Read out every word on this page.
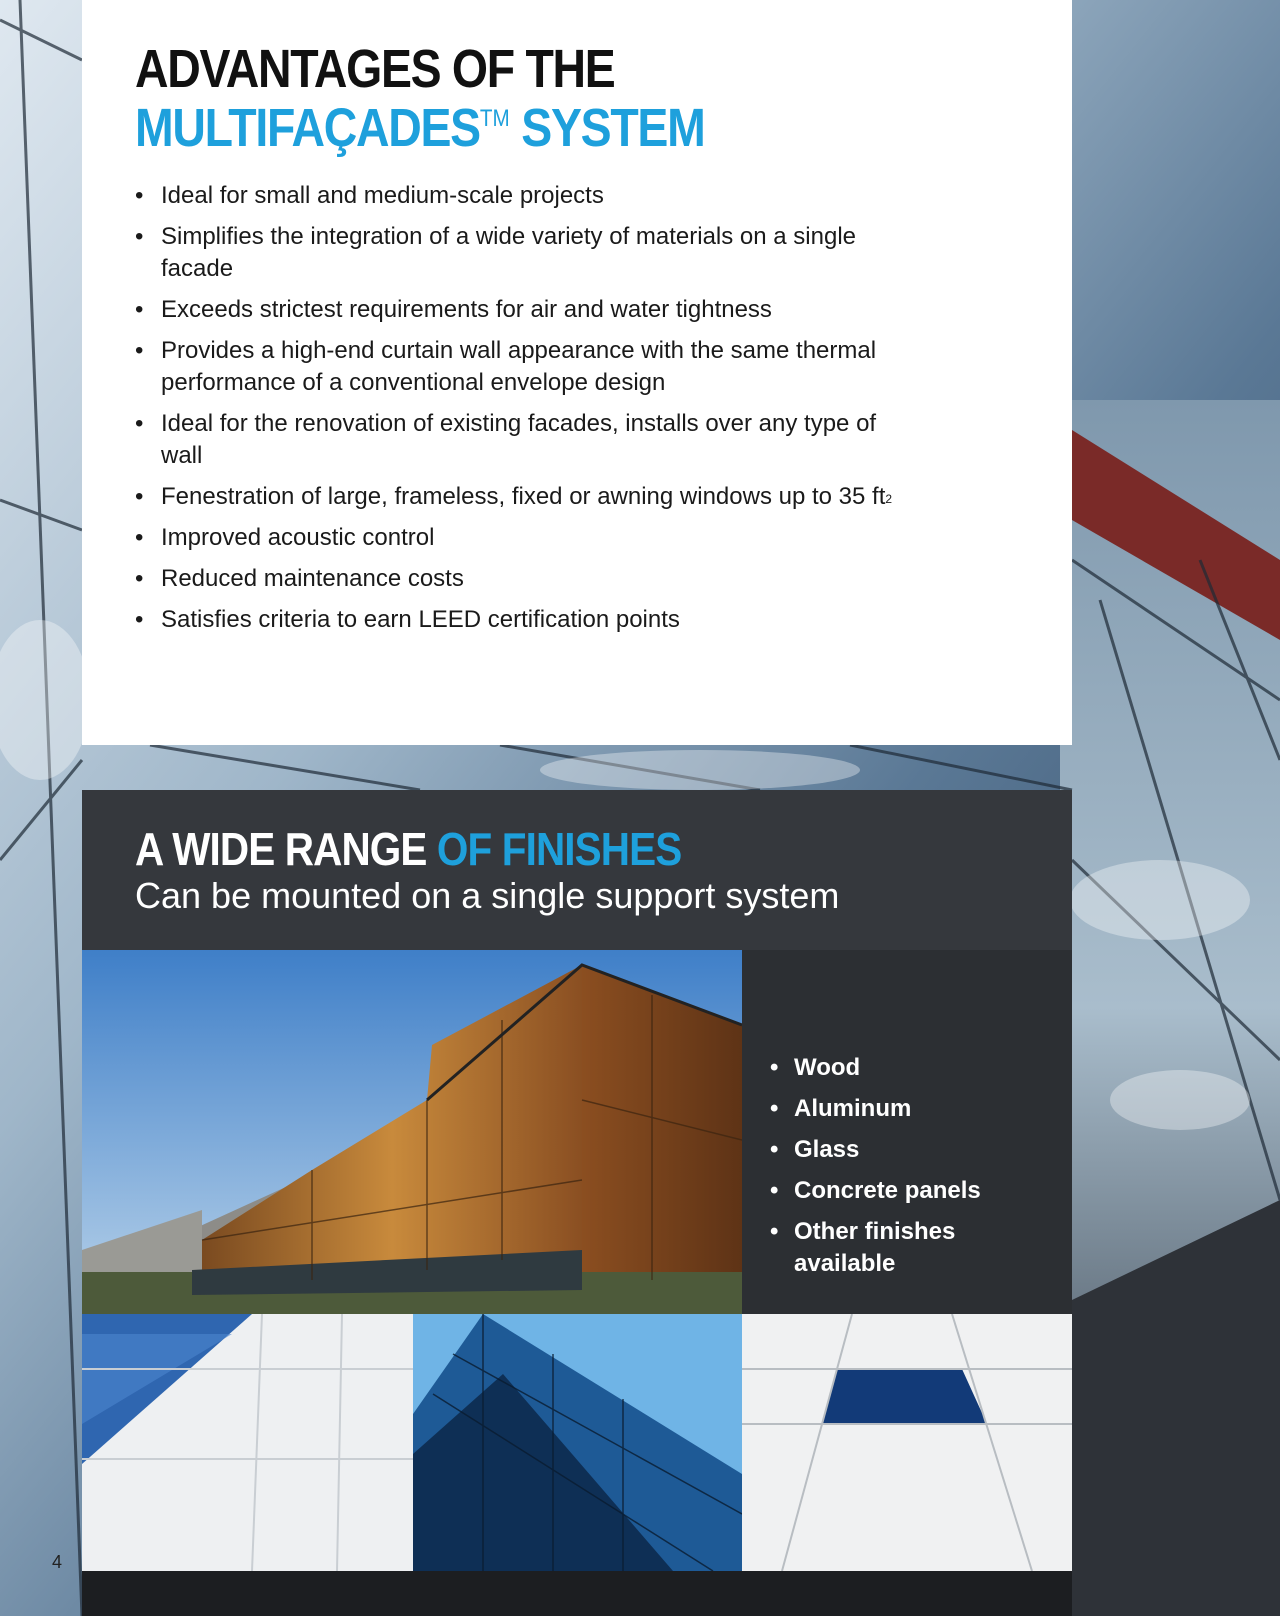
ADVANTAGES OF THE
MULTIFAÇADES™ SYSTEM
• Ideal for small and medium-scale projects
• Simplifies the integration of a wide variety of materials on a single facade
• Exceeds strictest requirements for air and water tightness
• Provides a high-end curtain wall appearance with the same thermal performance of a conventional envelope design
• Ideal for the renovation of existing facades, installs over any type of wall
• Fenestration of large, frameless, fixed or awning windows up to 35 $ft^2$
• Improved acoustic control
• Reduced maintenance costs
• Satisfies criteria to earn LEED certification points
A WIDE RANGE OF FINISHES

Can be mounted on a single support system

• Wood
• Aluminum
• Glass
• Concrete panels
• Other finishes available
4
